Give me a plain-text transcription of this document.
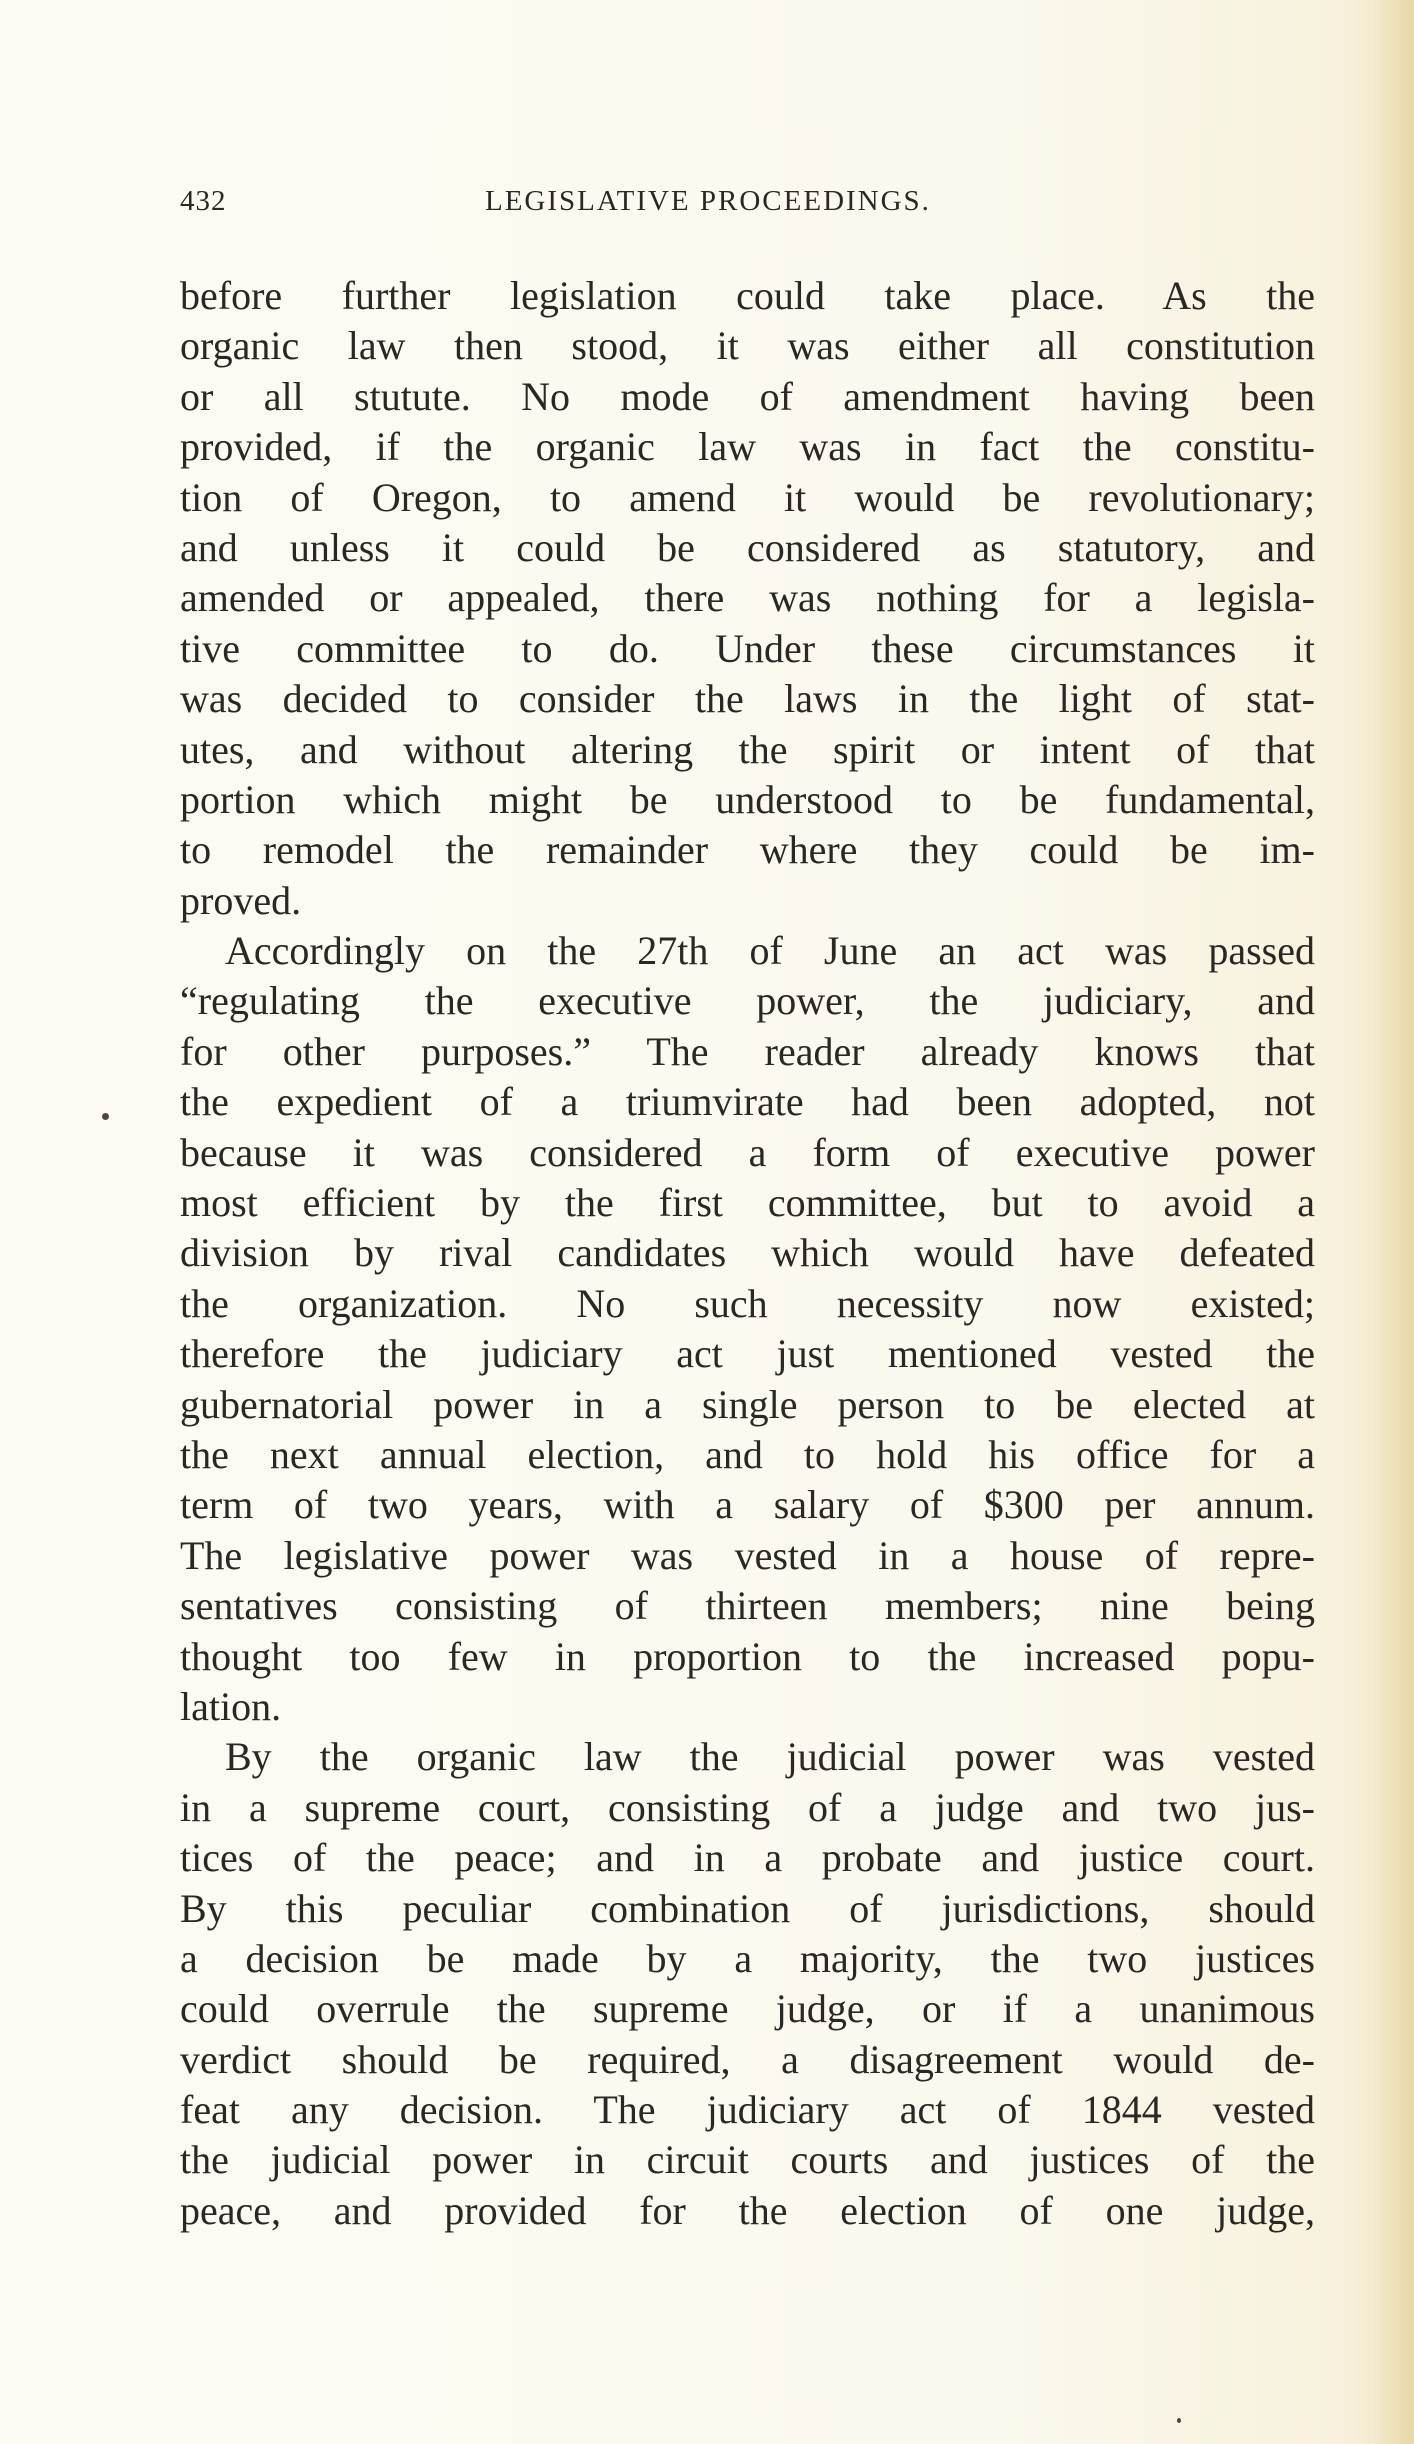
432	LEGISLATIVE PROCEEDINGS.
before further legislation could take place. As the
organic law then stood, it was either all constitution
or all stutute. No mode of amendment having been
provided, if the organic law was in fact the constitu-
tion of Oregon, to amend it would be revolutionary;
and unless it could be considered as statutory, and
amended or appealed, there was nothing for a legisla-
tive committee to do. Under these circumstances it
was decided to consider the laws in the light of stat-
utes, and without altering the spirit or intent of that
portion which might be understood to be fundamental,
to remodel the remainder where they could be im-
proved.
Accordingly on the 27th of June an act was passed
“regulating the executive power, the judiciary, and
for other purposes.” The reader already knows that
the expedient of a triumvirate had been adopted, not
because it was considered a form of executive power
most efficient by the first committee, but to avoid a
division by rival candidates which would have defeated
the organization. No such necessity now existed;
therefore the judiciary act just mentioned vested the
gubernatorial power in a single person to be elected at
the next annual election, and to hold his office for a
term of two years, with a salary of $300 per annum.
The legislative power was vested in a house of repre-
sentatives consisting of thirteen members; nine being
thought too few in proportion to the increased popu-
lation.
By the organic law the judicial power was vested
in a supreme court, consisting of a judge and two jus-
tices of the peace; and in a probate and justice court.
By this peculiar combination of jurisdictions, should
a decision be made by a majority, the two justices
could overrule the supreme judge, or if a unanimous
verdict should be required, a disagreement would de-
feat any decision. The judiciary act of 1844 vested
the judicial power in circuit courts and justices of the
peace, and provided for the election of one judge,
